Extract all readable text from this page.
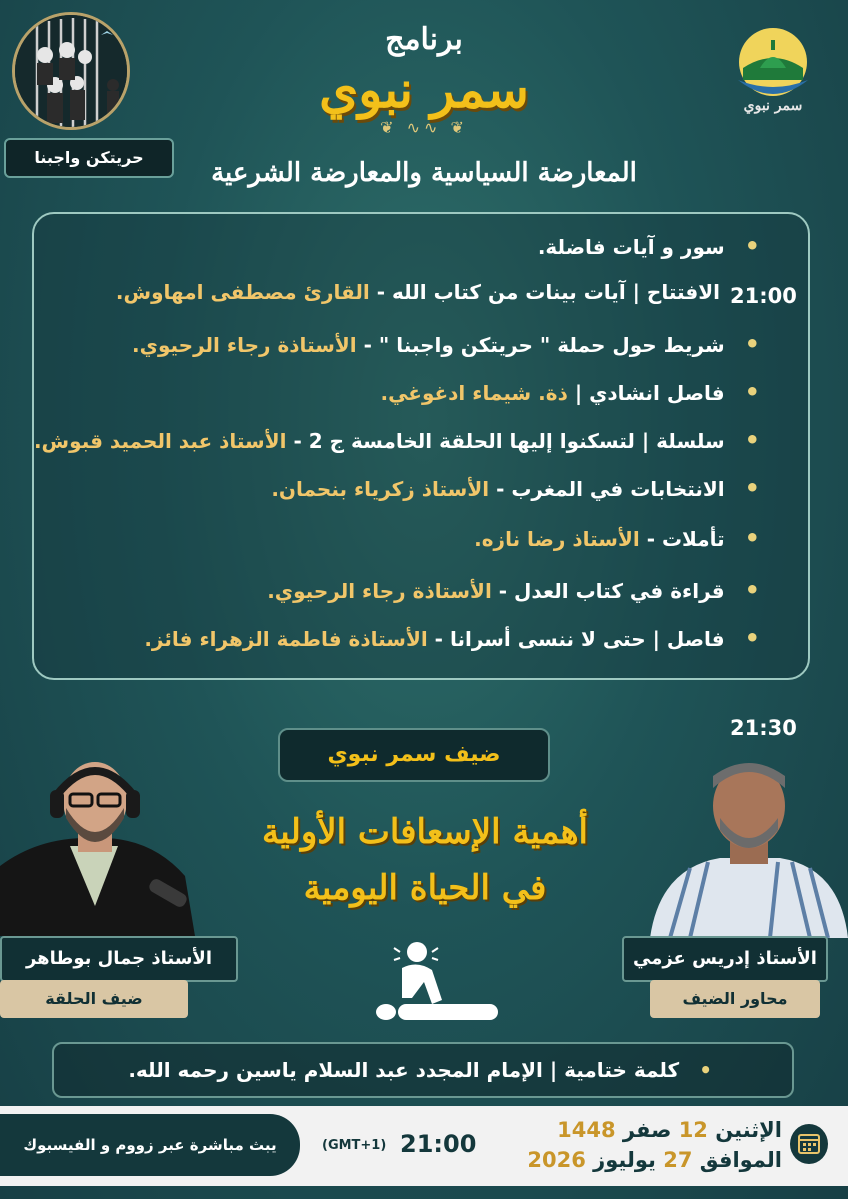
برنامج
سمر نبوي
❦ ∿∿ ❦
المعارضة السياسية والمعارضة الشرعية
حريتكن واجبنا
سمر نبوي
21:00
•سور و آيات فاضلة.
الافتتاح | آيات بينات من كتاب الله - القارئ مصطفى امهاوش.
•شريط حول حملة " حريتكن واجبنا " - الأستاذة رجاء الرحيوي.
•فاصل انشادي | ذة. شيماء ادغوغي.
•سلسلة | لتسكنوا إليها الحلقة الخامسة ج 2 - الأستاذ عبد الحميد قبوش.
•الانتخابات في المغرب - الأستاذ زكرياء بنحمان.
•تأملات - الأستاذ رضا نازه.
•قراءة في كتاب العدل - الأستاذة رجاء الرحيوي.
•فاصل | حتى لا ننسى أسرانا - الأستاذة فاطمة الزهراء فائز.
21:30
ضيف سمر نبوي
أهمية الإسعافات الأولية
في الحياة اليومية
الأستاذ جمال بوطاهر
ضيف الحلقة
الأستاذ إدريس عزمي
محاور الضيف
•كلمة ختامية | الإمام المجدد عبد السلام ياسين رحمه الله.
يبث مباشرة عبر زووم و الفيسبوك	(GMT+1) 21:00	الإثنين 12 صفر 1448
الموافق 27 يوليوز 2026
